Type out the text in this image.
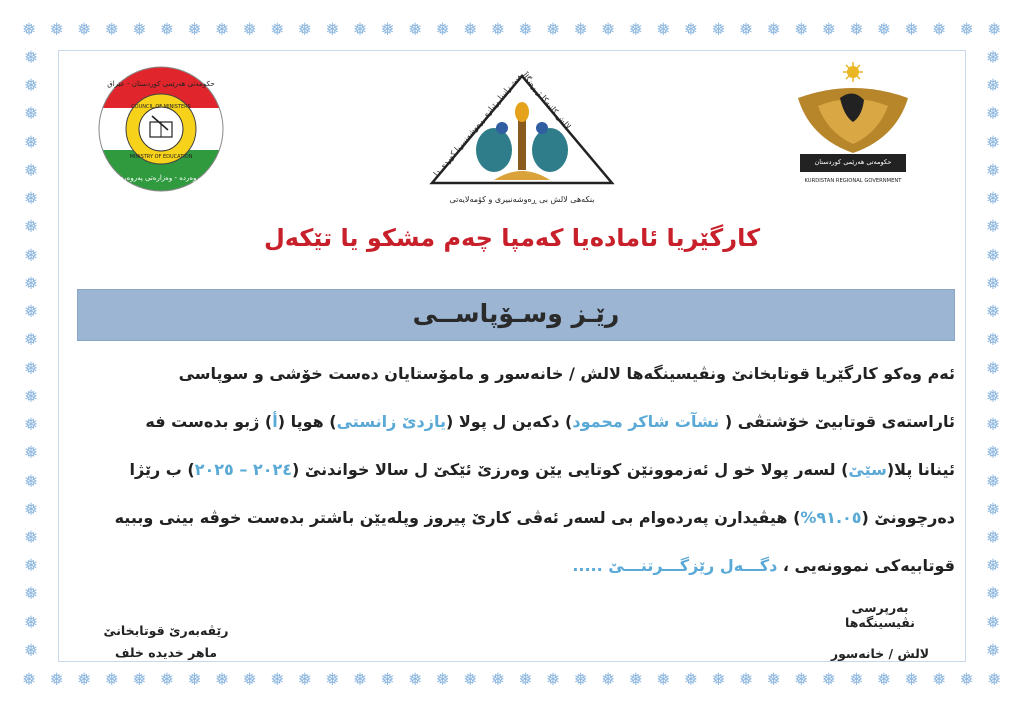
❅ ❅ ❅ ❅ ❅ ❅ ❅ ❅ ❅ ❅ ❅ ❅ ❅ ❅ ❅ ❅ ❅ ❅ ❅ ❅ ❅ ❅ ❅ ❅ ❅ ❅ ❅ ❅ ❅ ❅ ❅ ❅ ❅ ❅ ❅ ❅
❅ ❅ ❅ ❅ ❅ ❅ ❅ ❅ ❅ ❅ ❅ ❅ ❅ ❅ ❅ ❅ ❅ ❅ ❅ ❅ ❅ ❅ ❅ ❅ ❅ ❅ ❅ ❅ ❅ ❅ ❅ ❅ ❅ ❅ ❅ ❅
❅
❅
❅
❅
❅
❅
❅
❅
❅
❅
❅
❅
❅
❅
❅
❅
❅
❅
❅
❅
❅
❅
❅
❅
❅
❅
❅
❅
❅
❅
❅
❅
❅
❅
❅
❅
❅
❅
❅
❅
❅
❅
❅
❅
حكومەتی هەرێمی كوردستان - عێراق
COUNCIL OF MINISTERS
MINISTRY OF EDUCATION
پەروەردە - وەزارەتی پەروەردە	لالش كانیەكا ژ ڕەنگاڵەیێ زانینا ڕێبازی ڕەوشەنبیریا كوردی دا
بنكەهى لالش بى ڕەوشەنبيرى و كۆمەلايەتى
حکومەتی هەرێمی کوردستان
KURDISTAN REGIONAL GOVERNMENT
كارگێریا ئامادەیا كەمپا چەم مشكو یا تێكەل
رێـز وسـۆپاســی
ئەم وەكو كارگێریا قوتابخانێ ونڤیسینگەها لالش / خانەسور و مامۆستایان دەست خۆشی و سوپاسی
ئاراستەی قوتابیێ خۆشتڤی ( نشآت شاكر محمود) دكەین ل پولا (یازدێ زانستی) هوپا (أ) ژبو بدەست فە
ئینانا پلا(سێێ) لسەر پولا خو ل ئەزموونێن كوتایی یێن وەرزێ ئێكێ ل سالا خواندنێ (٢٠٢٤ – ٢٠٢٥) ب رێژا
دەرچوونێ (٩١.٠٥%) هیڤیدارن پەردەوام بی لسەر ئەڤی كارێ پیروز وپلەیێن باشتر بدەست خوڤە بینی وببیە
قوتابیەكی نموونەیی ، دگـــەل رێزگـــرتنـــێ .....
رێڤەبەرێ قوتابخانێ
ماهر خدیدە خلف
بەرپرسی نڤیسینگەها
لالش / خانەسور
